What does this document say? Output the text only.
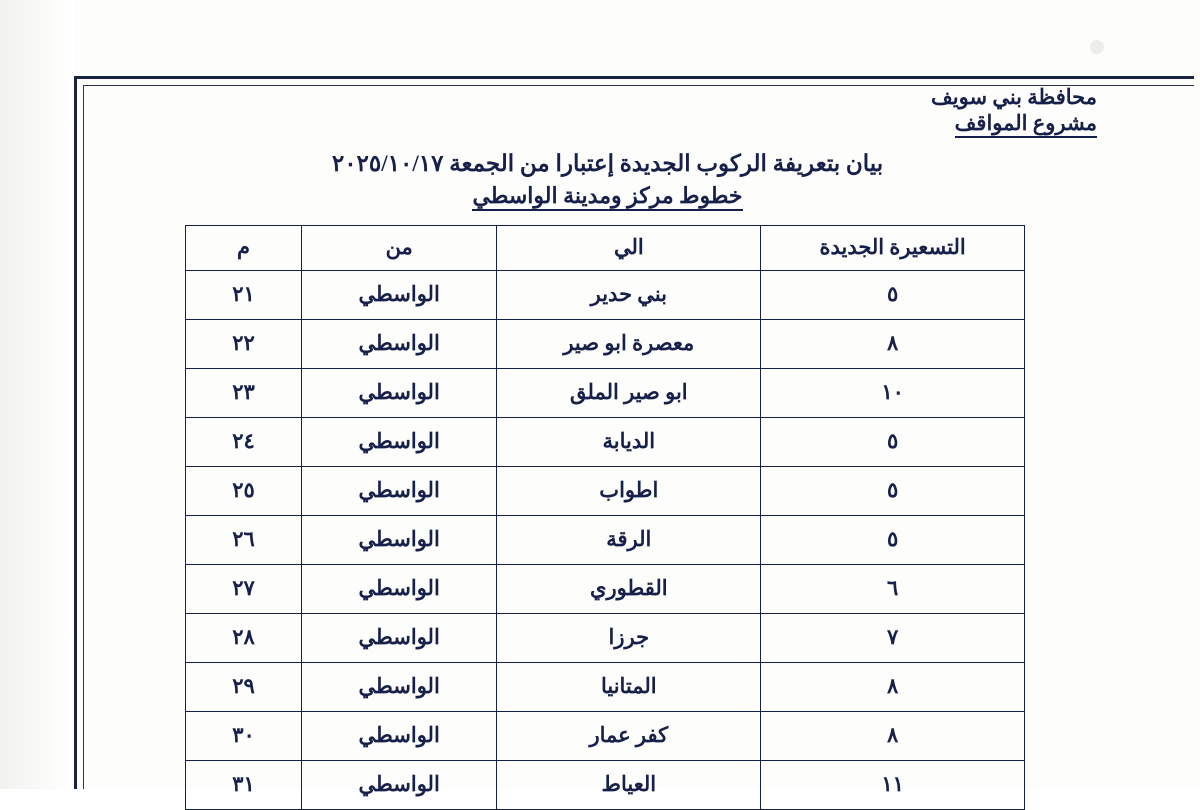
محافظة بني سويف
مشروع المواقف
بيان بتعريفة الركوب الجديدة إعتبارا من الجمعة ٢٠٢٥/١٠/١٧
خطوط مركز ومدينة الواسطي
التسعيرة الجديدة	الي	من	م
٥	بني حدير	الواسطي	٢١
٨	معصرة ابو صير	الواسطي	٢٢
١٠	ابو صير الملق	الواسطي	٢٣
٥	الديابة	الواسطي	٢٤
٥	اطواب	الواسطي	٢٥
٥	الرقة	الواسطي	٢٦
٦	القطوري	الواسطي	٢٧
٧	جرزا	الواسطي	٢٨
٨	المتانيا	الواسطي	٢٩
٨	كفر عمار	الواسطي	٣٠
١١	العياط	الواسطي	٣١
